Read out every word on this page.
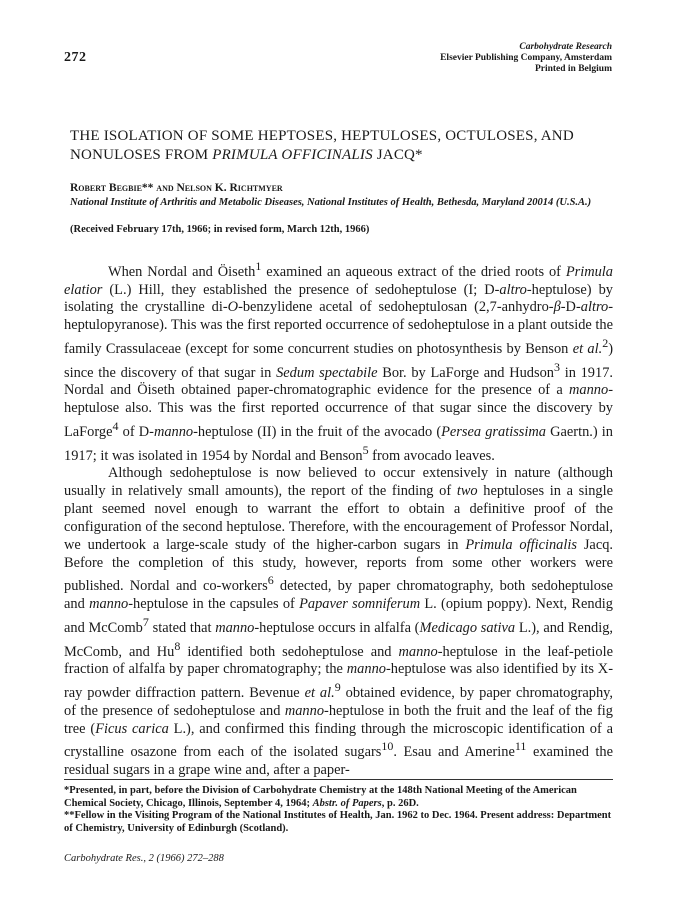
272
Carbohydrate Research
Elsevier Publishing Company, Amsterdam
Printed in Belgium
THE ISOLATION OF SOME HEPTOSES, HEPTULOSES, OCTULOSES, AND NONULOSES FROM PRIMULA OFFICINALIS JACQ*
Robert Begbie** and Nelson K. Richtmyer
National Institute of Arthritis and Metabolic Diseases, National Institutes of Health, Bethesda, Maryland 20014 (U.S.A.)
(Received February 17th, 1966; in revised form, March 12th, 1966)

When Nordal and Öiseth$^1$ examined an aqueous extract of the dried roots of Primula elatior (L.) Hill, they established the presence of sedoheptulose (I; D-altro-heptulose) by isolating the crystalline di-O-benzylidene acetal of sedoheptulosan (2,7-anhydro-β-D-altro-heptulopyranose). This was the first reported occurrence of sedoheptulose in a plant outside the family Crassulaceae (except for some concurrent studies on photosynthesis by Benson et al.$^2$) since the discovery of that sugar in Sedum spectabile Bor. by LaForge and Hudson$^3$ in 1917. Nordal and Öiseth obtained paper-chromatographic evidence for the presence of a manno-heptulose also. This was the first reported occurrence of that sugar since the discovery by LaForge$^4$ of D-manno-heptulose (II) in the fruit of the avocado (Persea gratissima Gaertn.) in 1917; it was isolated in 1954 by Nordal and Benson$^5$ from avocado leaves.

Although sedoheptulose is now believed to occur extensively in nature (although usually in relatively small amounts), the report of the finding of two heptuloses in a single plant seemed novel enough to warrant the effort to obtain a definitive proof of the configuration of the second heptulose. Therefore, with the encouragement of Professor Nordal, we undertook a large-scale study of the higher-carbon sugars in Primula officinalis Jacq. Before the completion of this study, however, reports from some other workers were published. Nordal and co-workers$^6$ detected, by paper chromatography, both sedoheptulose and manno-heptulose in the capsules of Papaver somniferum L. (opium poppy). Next, Rendig and McComb$^7$ stated that manno-heptulose occurs in alfalfa (Medicago sativa L.), and Rendig, McComb, and Hu$^8$ identified both sedoheptulose and manno-heptulose in the leaf-petiole fraction of alfalfa by paper chromatography; the manno-heptulose was also identified by its X-ray powder diffraction pattern. Bevenue et al.$^9$ obtained evidence, by paper chromatography, of the presence of sedoheptulose and manno-heptulose in both the fruit and the leaf of the fig tree (Ficus carica L.), and confirmed this finding through the microscopic identification of a crystalline osazone from each of the isolated sugars$^{10}$. Esau and Amerine$^{11}$ examined the residual sugars in a grape wine and, after a paper-

*Presented, in part, before the Division of Carbohydrate Chemistry at the 148th National Meeting of the American Chemical Society, Chicago, Illinois, September 4, 1964; Abstr. of Papers, p. 26D.

**Fellow in the Visiting Program of the National Institutes of Health, Jan. 1962 to Dec. 1964. Present address: Department of Chemistry, University of Edinburgh (Scotland).

Carbohydrate Res., 2 (1966) 272–288
